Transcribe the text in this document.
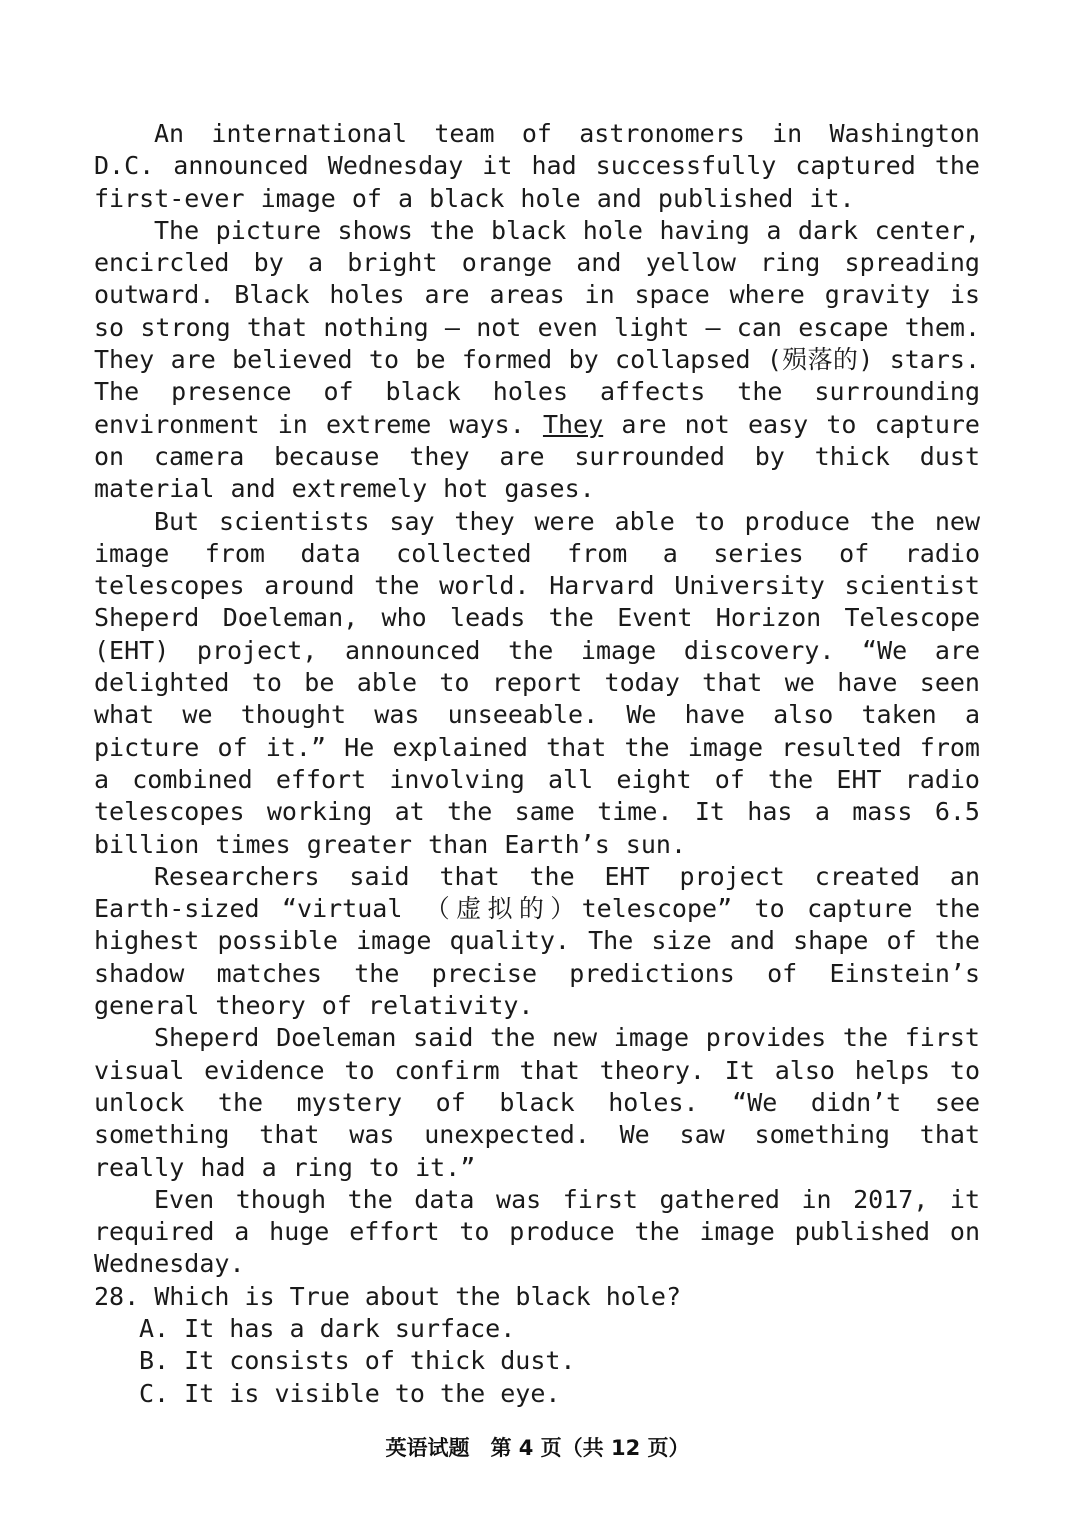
An international team of astronomers in Washington D.C. announced Wednesday it had successfully captured the first-ever image of a black hole and published it.

The picture shows the black hole having a dark center, encircled by a bright orange and yellow ring spreading outward. Black holes are areas in space where gravity is so strong that nothing – not even light – can escape them. They are believed to be formed by collapsed (殒落的) stars. The presence of black holes affects the surrounding environment in extreme ways. They are not easy to capture on camera because they are surrounded by thick dust material and extremely hot gases.

But scientists say they were able to produce the new image from data collected from a series of radio telescopes around the world. Harvard University scientist Sheperd Doeleman, who leads the Event Horizon Telescope (EHT) project, announced the image discovery. “We are delighted to be able to report today that we have seen what we thought was unseeable. We have also taken a picture of it.” He explained that the image resulted from a combined effort involving all eight of the EHT radio telescopes working at the same time. It has a mass 6.5 billion times greater than Earth’s sun.

Researchers said that the EHT project created an Earth-sized “virtual （虚拟的）telescope” to capture the highest possible image quality. The size and shape of the shadow matches the precise predictions of Einstein’s general theory of relativity.

Sheperd Doeleman said the new image provides the first visual evidence to confirm that theory. It also helps to unlock the mystery of black holes. “We didn’t see something that was unexpected. We saw something that really had a ring to it.”

Even though the data was first gathered in 2017, it required a huge effort to produce the image published on Wednesday.

28. Which is True about the black hole?

A. It has a dark surface.

B. It consists of thick dust.

C. It is visible to the eye.

英语试题　第 4 页（共 12 页）
